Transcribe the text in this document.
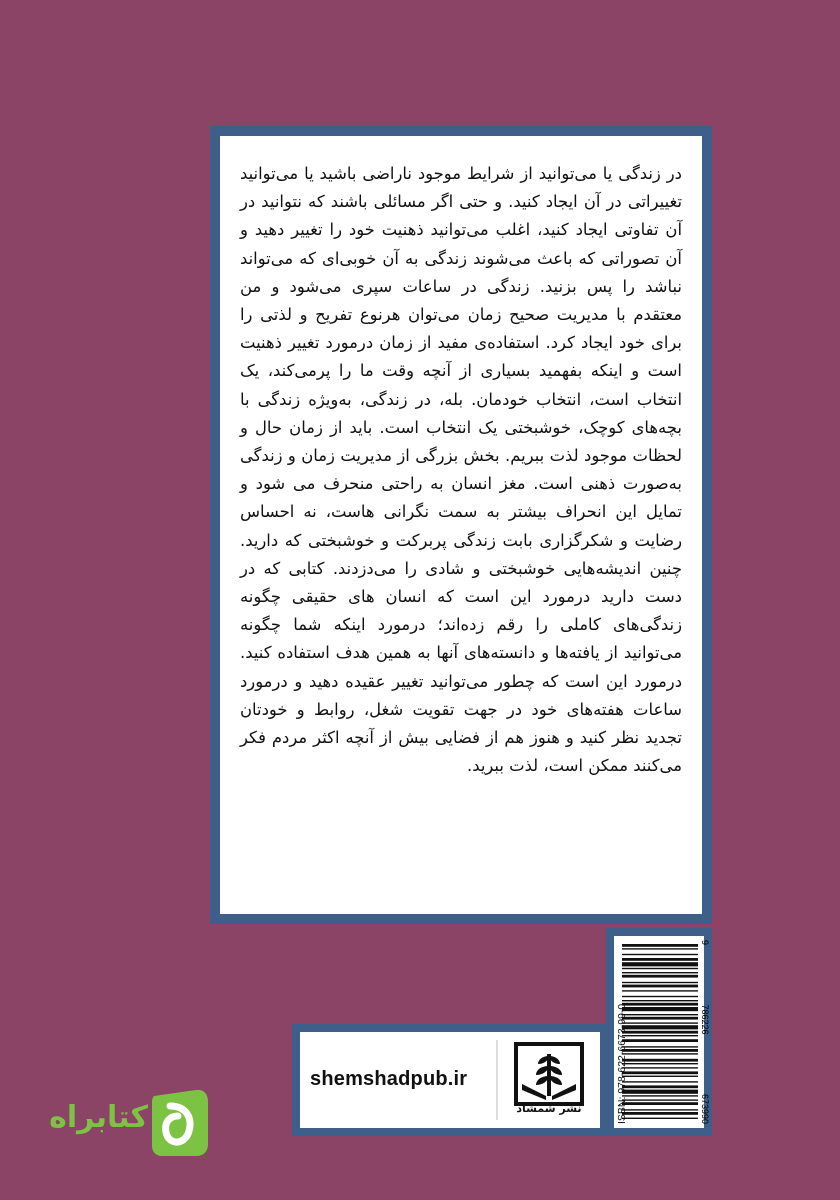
در زندگی یا می‌توانید از شرایط موجود ناراضی باشید یا می‌توانید تغییراتی در آن ایجاد کنید. و حتی اگر مسائلی باشند که نتوانید در آن تفاوتی ایجاد کنید، اغلب می‌توانید ذهنیت خود را تغییر دهید و آن تصوراتی که باعث می‌شوند زندگی به آن خوبی‌ای که می‌تواند نباشد را پس بزنید. زندگی در ساعات سپری می‌شود و من معتقدم با مدیریت صحیح زمان می‌توان هرنوع تفریح و لذتی را برای خود ایجاد کرد. استفاده‌ی مفید از زمان درمورد تغییر ذهنیت است و اینکه بفهمید بسیاری از آنچه وقت ما را پرمی‌کند، یک انتخاب است، انتخاب خودمان. بله، در زندگی، به‌ویژه زندگی با بچه‌های کوچک، خوشبختی یک انتخاب است. باید از زمان حال و لحظات موجود لذت ببریم. بخش بزرگی از مدیریت زمان و زندگی به‌صورت ذهنی است. مغز انسان به راحتی منحرف می شود و تمایل این انحراف بیشتر به سمت نگرانی هاست، نه احساس رضایت و شکرگزاری بابت زندگی پربرکت و خوشبختی که دارید. چنین اندیشه‌هایی خوشبختی و شادی را می‌دزدند. کتابی که در دست دارید درمورد این است که انسان های حقیقی چگونه زندگی‌های کاملی را رقم زده‌اند؛ درمورد اینکه شما چگونه می‌توانید از یافته‌ها و دانسته‌های آنها به همین هدف استفاده کنید. درمورد این است که چطور می‌توانید تغییر عقیده دهید و درمورد ساعات هفته‌های خود در جهت تقویت شغل، روابط و خودتان تجدید نظر کنید و هنوز هم از فضایی بیش از آنچه اکثر مردم فکر می‌کنند ممکن است، لذت ببرید.

ISBN: 978-622-6673-99-0
9
786226
673990
shemshadpub.ir
نشر شمشاد
کتابراه
